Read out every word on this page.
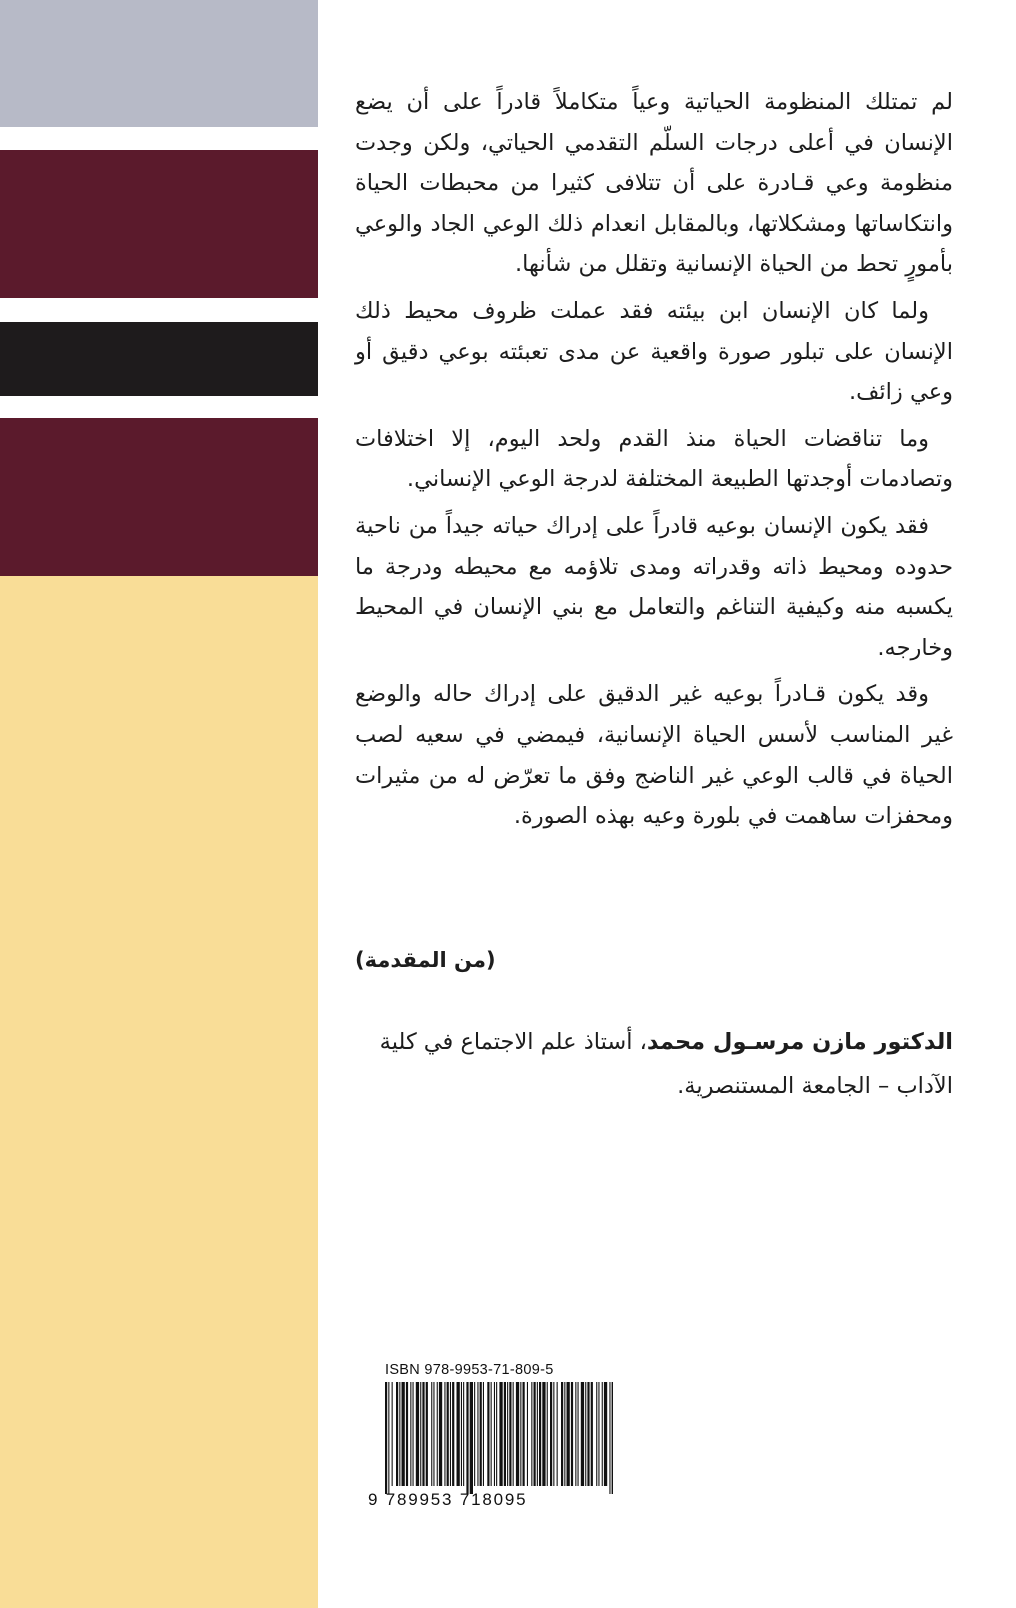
لم تمتلك المنظومة الحياتية وعياً متكاملاً قادراً على أن يضع الإنسان في أعلى درجات السلّم التقدمي الحياتي، ولكن وجدت منظومة وعي قـادرة على أن تتلافى كثيرا من محبطات الحياة وانتكاساتها ومشكلاتها، وبالمقابل انعدام ذلك الوعي الجاد والوعي بأمورٍ تحط من الحياة الإنسانية وتقلل من شأنها.

ولما كان الإنسان ابن بيئته فقد عملت ظروف محيط ذلك الإنسان على تبلور صورة واقعية عن مدى تعبئته بوعي دقيق أو وعي زائف.

وما تناقضات الحياة منذ القدم ولحد اليوم، إلا اختلافات وتصادمات أوجدتها الطبيعة المختلفة لدرجة الوعي الإنساني.

فقد يكون الإنسان بوعيه قادراً على إدراك حياته جيداً من ناحية حدوده ومحيط ذاته وقدراته ومدى تلاؤمه مع محيطه ودرجة ما يكسبه منه وكيفية التناغم والتعامل مع بني الإنسان في المحيط وخارجه.

وقد يكون قـادراً بوعيه غير الدقيق على إدراك حاله والوضع غير المناسب لأسس الحياة الإنسانية، فيمضي في سعيه لصب الحياة في قالب الوعي غير الناضج وفق ما تعرّض له من مثيرات ومحفزات ساهمت في بلورة وعيه بهذه الصورة.

(من المقدمة)
الدكتور مازن مرسـول محمد، أستاذ علم الاجتماع في كلية الآداب – الجامعة المستنصرية.
ISBN 978-9953-71-809-5
9 789953 718095
